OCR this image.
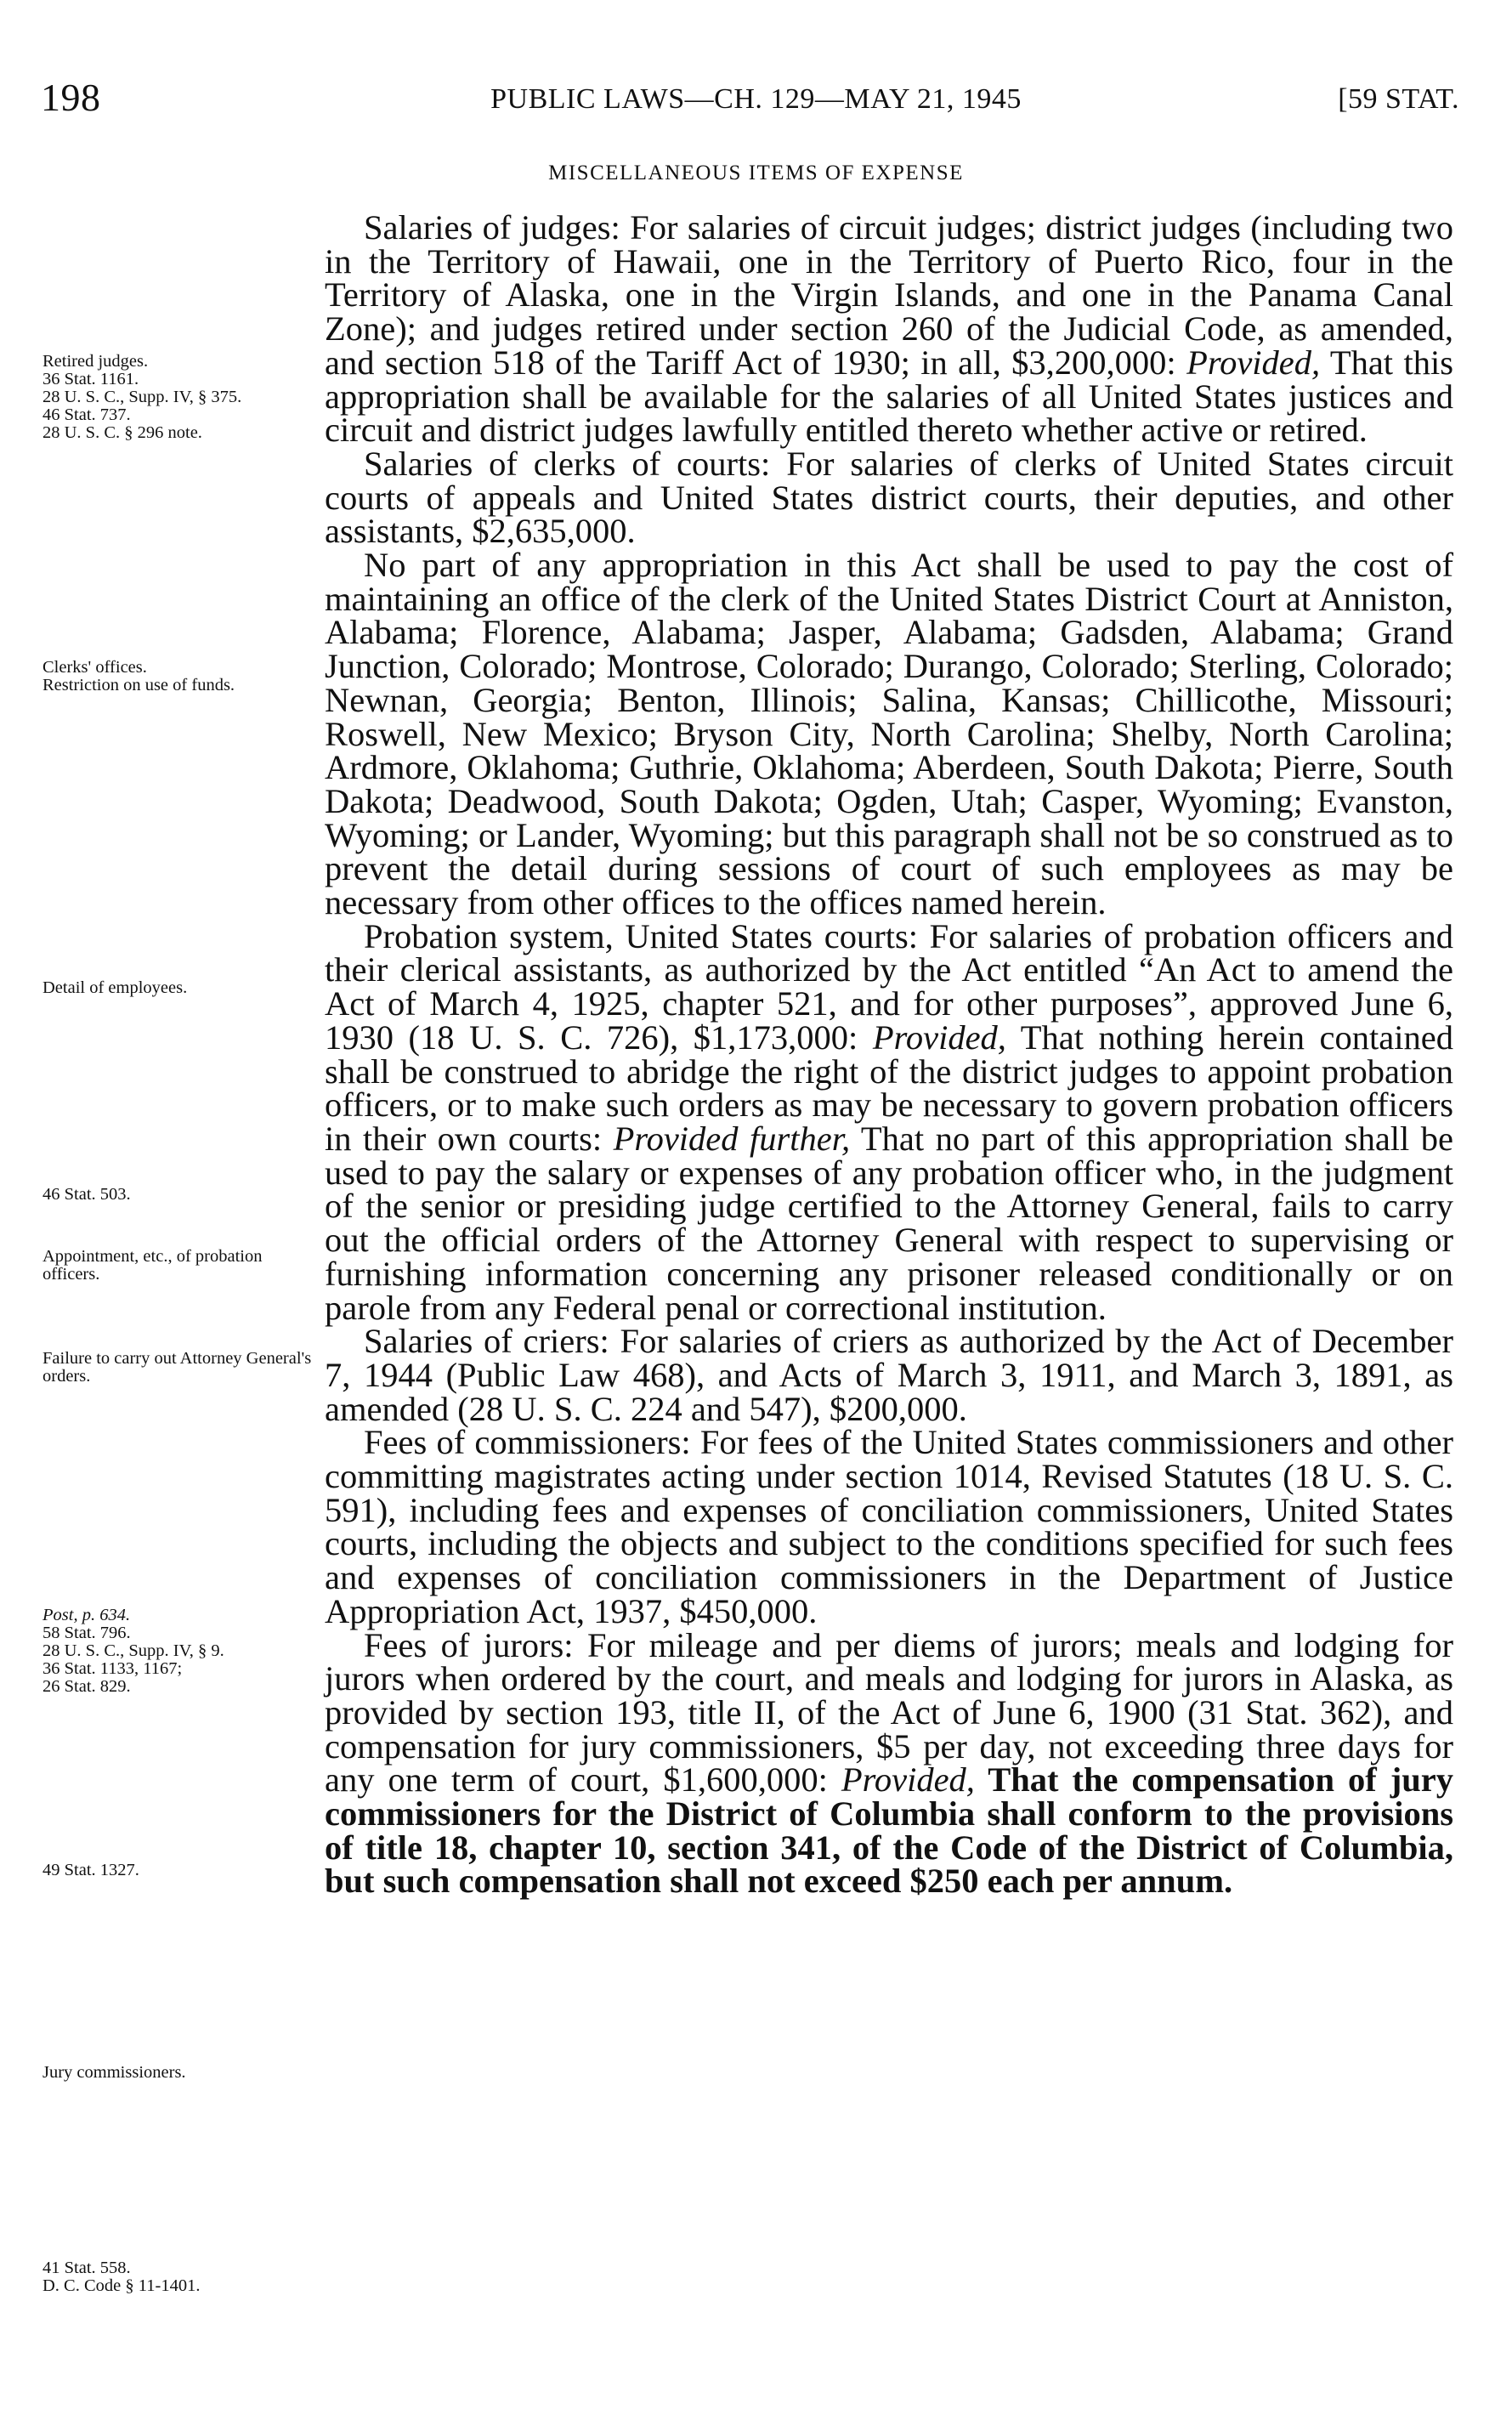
198	PUBLIC LAWS—CH. 129—MAY 21, 1945	[59 STAT.
MISCELLANEOUS ITEMS OF EXPENSE
Retired judges.
36 Stat. 1161.
28 U. S. C., Supp. IV, § 375.
46 Stat. 737.
28 U. S. C. § 296 note.
Clerks' offices.
Restriction on use of funds.
Detail of employees.
46 Stat. 503.
Appointment, etc., of probation officers.
Failure to carry out Attorney General's orders.
Post, p. 634.
58 Stat. 796.
28 U. S. C., Supp. IV, § 9.
36 Stat. 1133, 1167;
26 Stat. 829.
49 Stat. 1327.
Jury commissioners.
41 Stat. 558.
D. C. Code § 11-1401.

Salaries of judges: For salaries of circuit judges; district judges (including two in the Territory of Hawaii, one in the Territory of Puerto Rico, four in the Territory of Alaska, one in the Virgin Islands, and one in the Panama Canal Zone); and judges retired under section 260 of the Judicial Code, as amended, and section 518 of the Tariff Act of 1930; in all, $3,200,000: Provided, That this appropriation shall be available for the salaries of all United States justices and circuit and district judges lawfully entitled thereto whether active or retired.

Salaries of clerks of courts: For salaries of clerks of United States circuit courts of appeals and United States district courts, their deputies, and other assistants, $2,635,000.

No part of any appropriation in this Act shall be used to pay the cost of maintaining an office of the clerk of the United States District Court at Anniston, Alabama; Florence, Alabama; Jasper, Alabama; Gadsden, Alabama; Grand Junction, Colorado; Montrose, Colorado; Durango, Colorado; Sterling, Colorado; Newnan, Georgia; Benton, Illinois; Salina, Kansas; Chillicothe, Missouri; Roswell, New Mexico; Bryson City, North Carolina; Shelby, North Carolina; Ardmore, Oklahoma; Guthrie, Oklahoma; Aberdeen, South Dakota; Pierre, South Dakota; Deadwood, South Dakota; Ogden, Utah; Casper, Wyoming; Evanston, Wyoming; or Lander, Wyoming; but this paragraph shall not be so construed as to prevent the detail during sessions of court of such employees as may be necessary from other offices to the offices named herein.

Probation system, United States courts: For salaries of probation officers and their clerical assistants, as authorized by the Act entitled “An Act to amend the Act of March 4, 1925, chapter 521, and for other purposes”, approved June 6, 1930 (18 U. S. C. 726), $1,173,000: Provided, That nothing herein contained shall be construed to abridge the right of the district judges to appoint probation officers, or to make such orders as may be necessary to govern probation officers in their own courts: Provided further, That no part of this appropriation shall be used to pay the salary or expenses of any probation officer who, in the judgment of the senior or presiding judge certified to the Attorney General, fails to carry out the official orders of the Attorney General with respect to supervising or furnishing information concerning any prisoner released conditionally or on parole from any Federal penal or correctional institution.

Salaries of criers: For salaries of criers as authorized by the Act of December 7, 1944 (Public Law 468), and Acts of March 3, 1911, and March 3, 1891, as amended (28 U. S. C. 224 and 547), $200,000.

Fees of commissioners: For fees of the United States commissioners and other committing magistrates acting under section 1014, Revised Statutes (18 U. S. C. 591), including fees and expenses of conciliation commissioners, United States courts, including the objects and subject to the conditions specified for such fees and expenses of conciliation commissioners in the Department of Justice Appropriation Act, 1937, $450,000.

Fees of jurors: For mileage and per diems of jurors; meals and lodging for jurors when ordered by the court, and meals and lodging for jurors in Alaska, as provided by section 193, title II, of the Act of June 6, 1900 (31 Stat. 362), and compensation for jury commissioners, $5 per day, not exceeding three days for any one term of court, $1,600,000: Provided, That the compensation of jury commissioners for the District of Columbia shall conform to the provisions of title 18, chapter 10, section 341, of the Code of the District of Columbia, but such compensation shall not exceed $250 each per annum.
